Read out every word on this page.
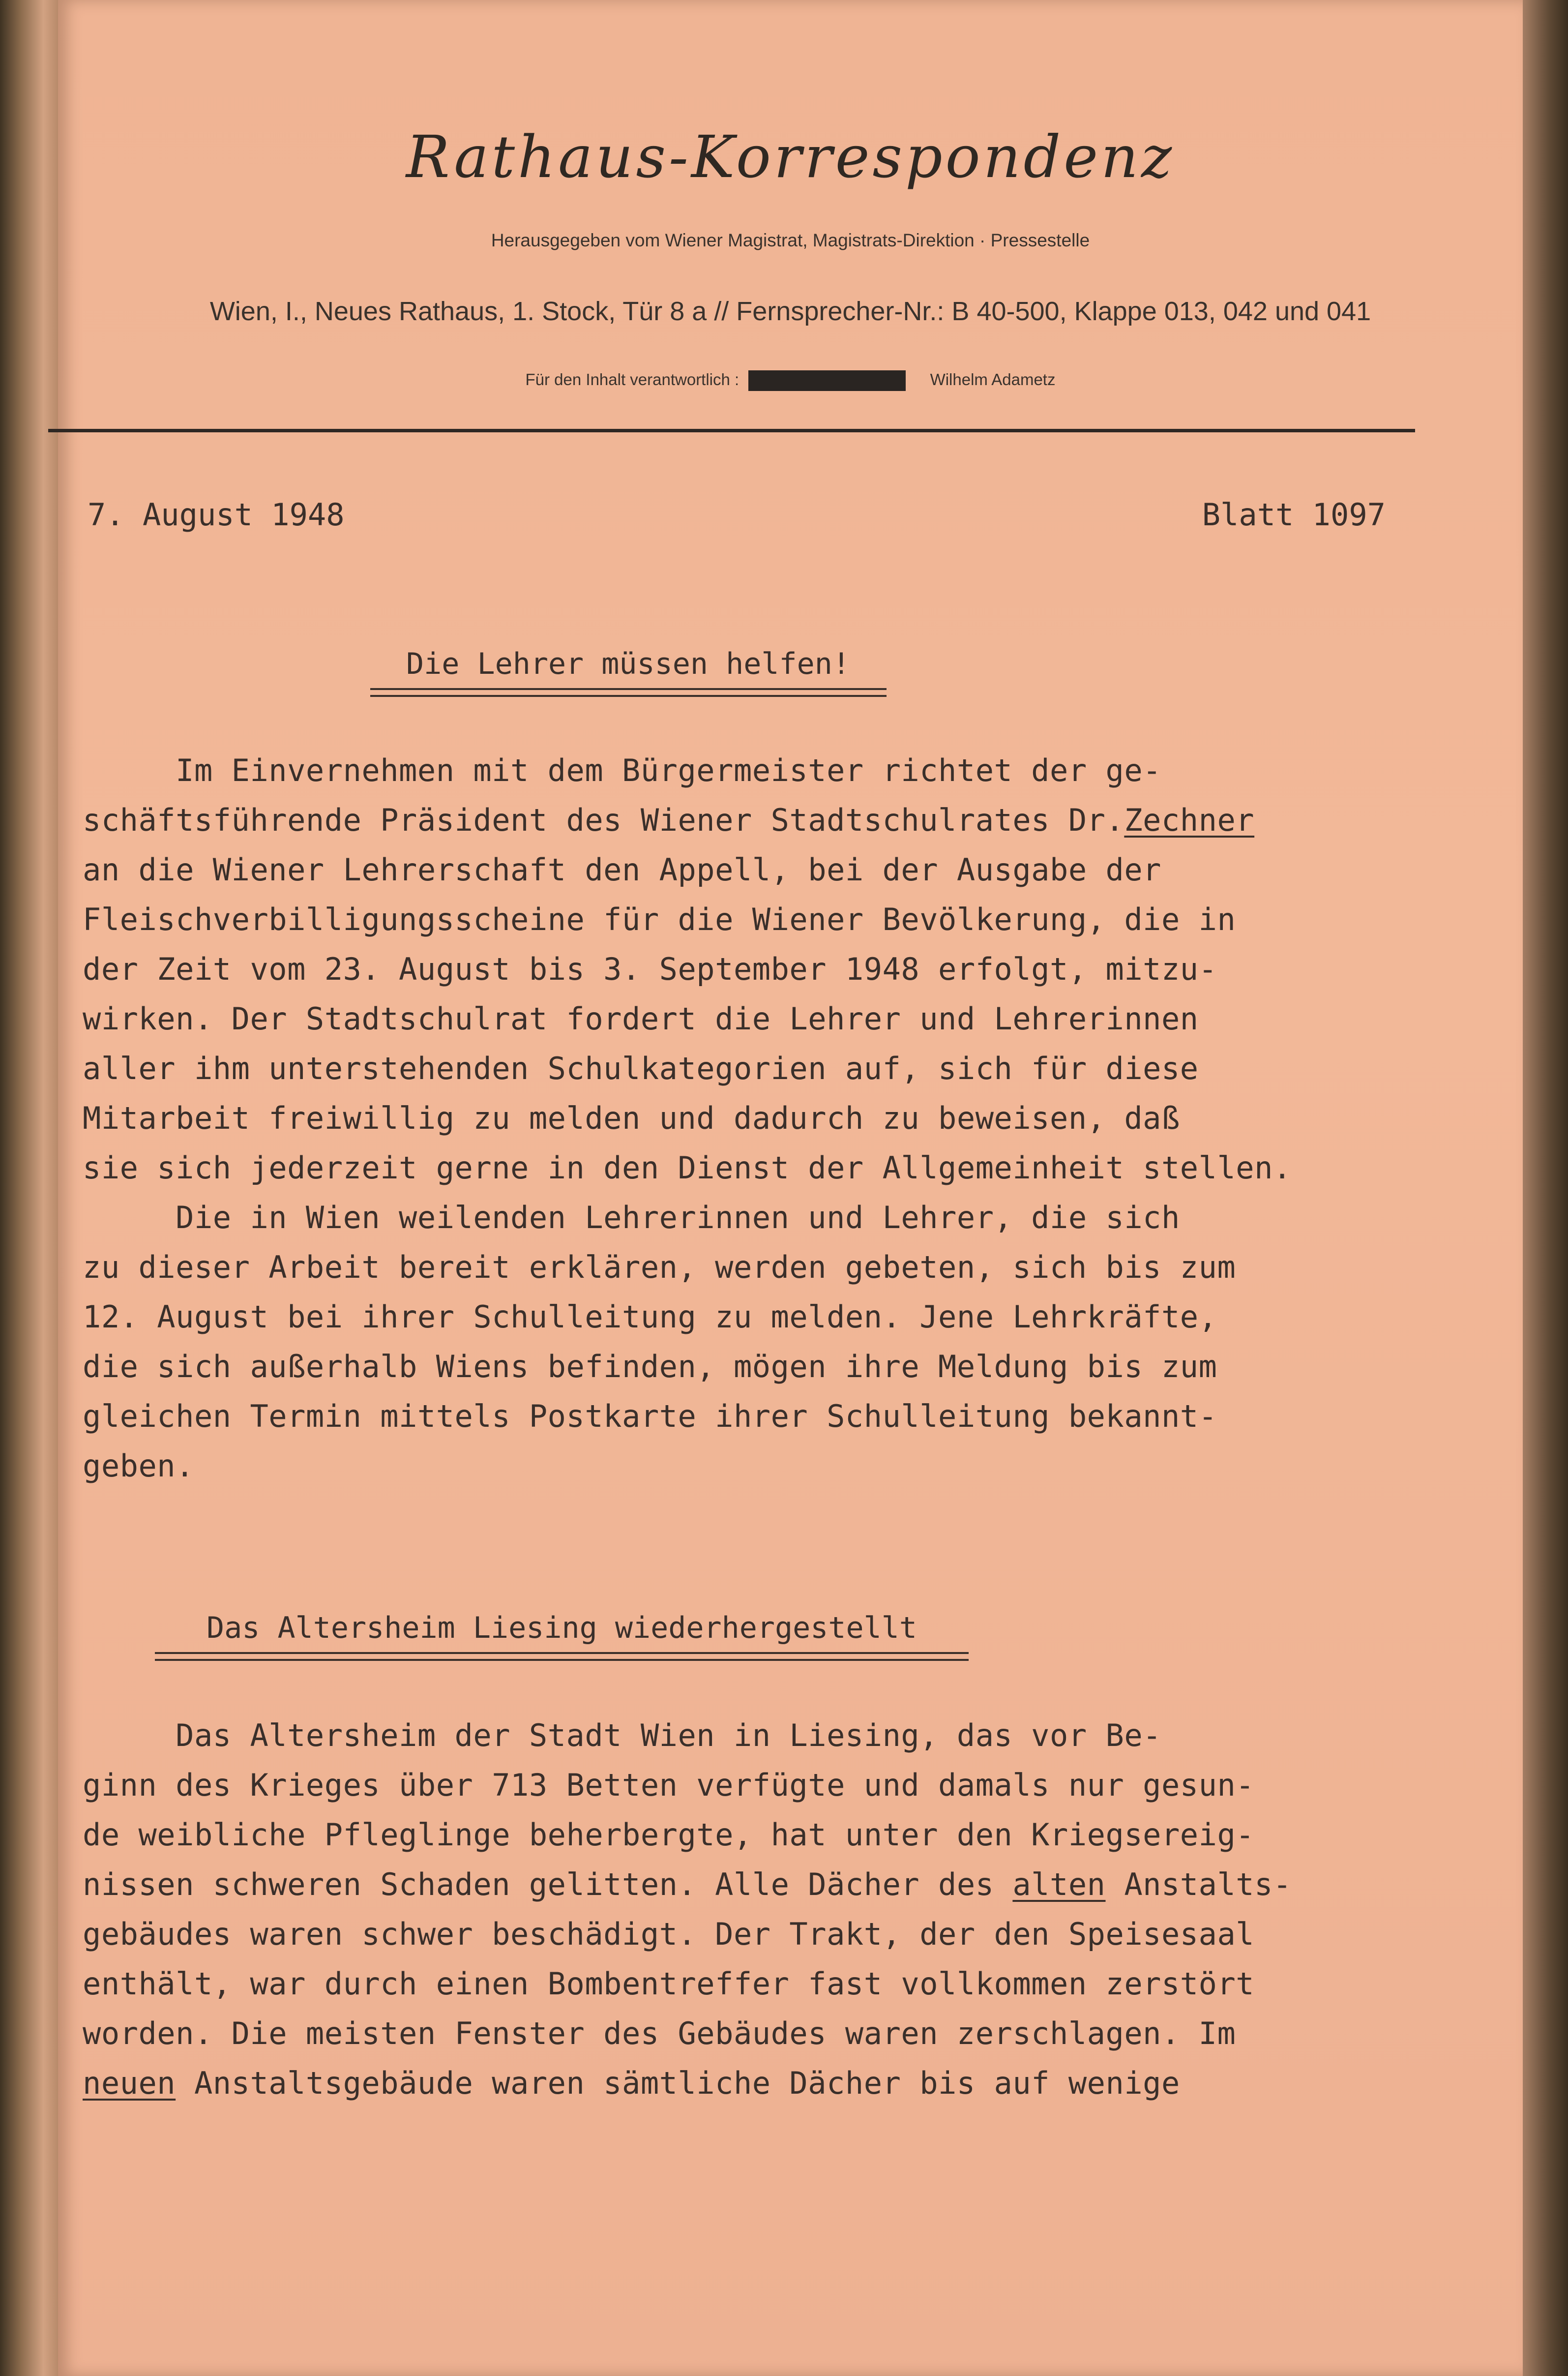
Rathaus-Korrespondenz
Herausgegeben vom Wiener Magistrat, Magistrats-Direktion · Pressestelle
Wien, I., Neues Rathaus, 1. Stock, Tür 8 a // Fernsprecher-Nr.: B 40-500, Klappe 013, 042 und 041
Für den Inhalt verantwortlich :	Wilhelm Adametz
7. August 1948	Blatt 1097
Die Lehrer müssen helfen!
Im Einvernehmen mit dem Bürgermeister richtet der ge-
schäftsführende Präsident des Wiener Stadtschulrates Dr.Zechner
an die Wiener Lehrerschaft den Appell, bei der Ausgabe der
Fleischverbilligungsscheine für die Wiener Bevölkerung, die in
der Zeit vom 23. August bis 3. September 1948 erfolgt, mitzu-
wirken. Der Stadtschulrat fordert die Lehrer und Lehrerinnen
aller ihm unterstehenden Schulkategorien auf, sich für diese
Mitarbeit freiwillig zu melden und dadurch zu beweisen, daß
sie sich jederzeit gerne in den Dienst der Allgemeinheit stellen.
Die in Wien weilenden Lehrerinnen und Lehrer, die sich
zu dieser Arbeit bereit erklären, werden gebeten, sich bis zum
12. August bei ihrer Schulleitung zu melden. Jene Lehrkräfte,
die sich außerhalb Wiens befinden, mögen ihre Meldung bis zum
gleichen Termin mittels Postkarte ihrer Schulleitung bekannt-
geben.
Das Altersheim Liesing wiederhergestellt
Das Altersheim der Stadt Wien in Liesing, das vor Be-
ginn des Krieges über 713 Betten verfügte und damals nur gesun-
de weibliche Pfleglinge beherbergte, hat unter den Kriegsereig-
nissen schweren Schaden gelitten. Alle Dächer des alten Anstalts-
gebäudes waren schwer beschädigt. Der Trakt, der den Speisesaal
enthält, war durch einen Bombentreffer fast vollkommen zerstört
worden. Die meisten Fenster des Gebäudes waren zerschlagen. Im
neuen Anstaltsgebäude waren sämtliche Dächer bis auf wenige
